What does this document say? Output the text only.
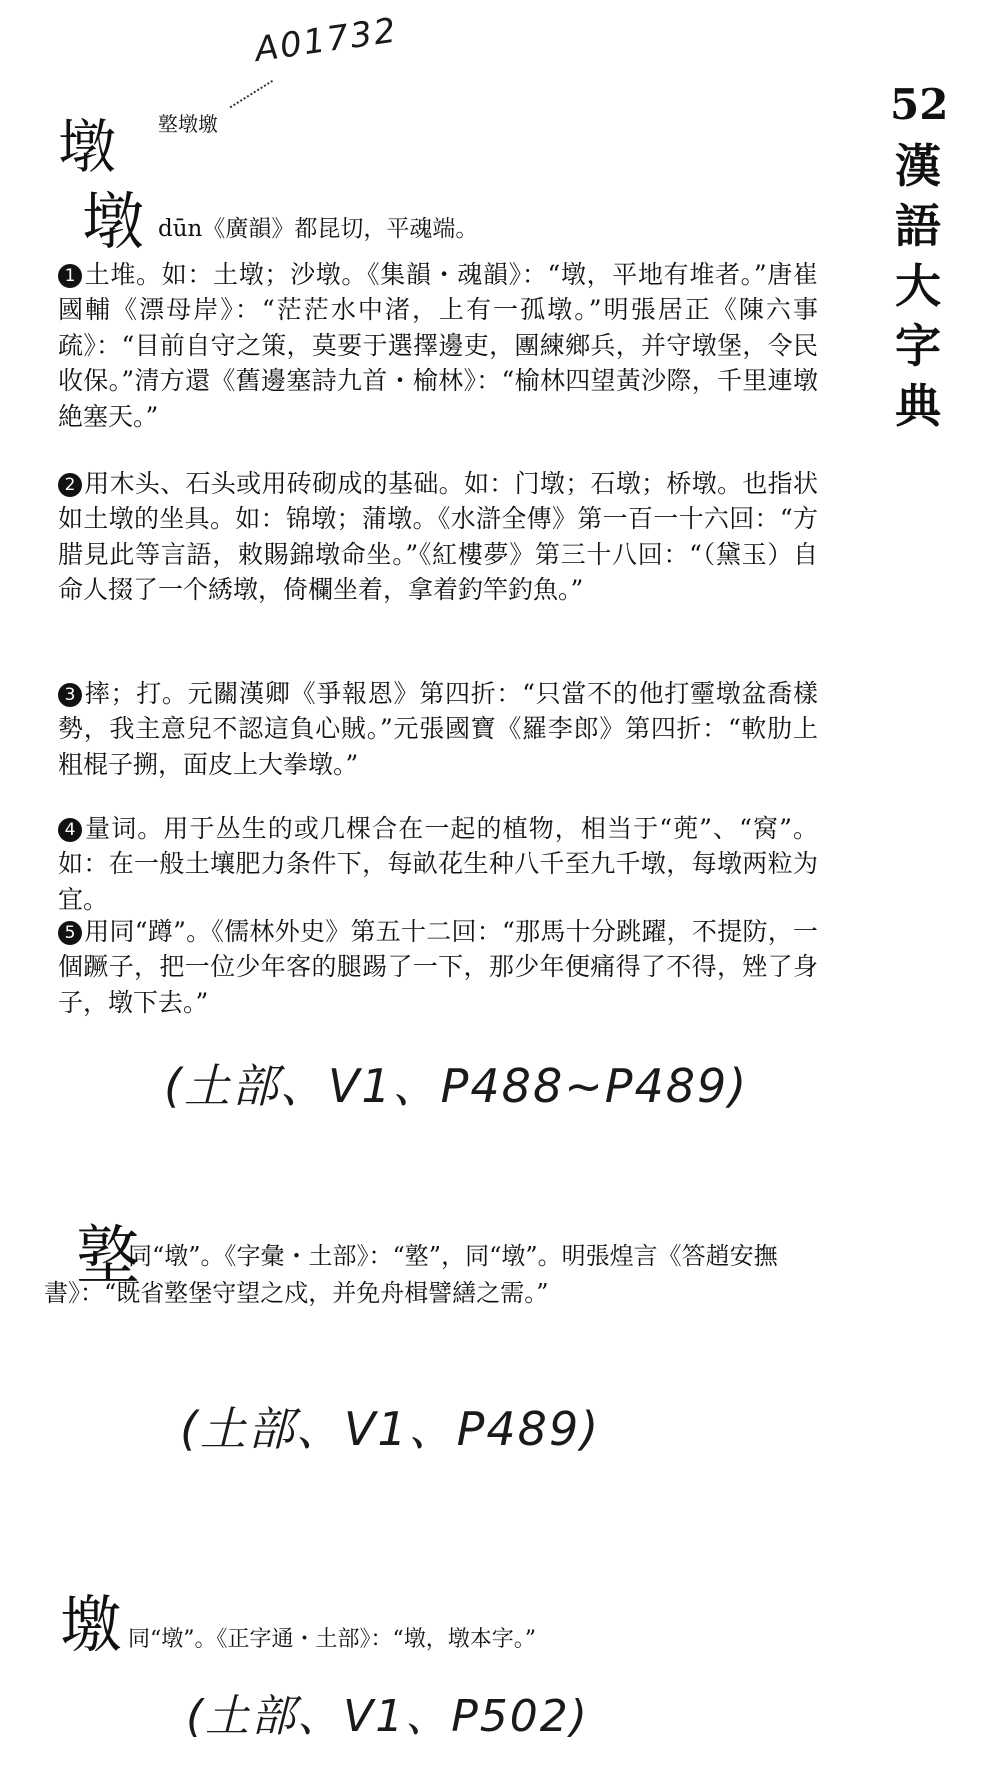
A01732
52
漢語大字典
墩 墪墩墽
墩 dūn《廣韻》都昆切，平魂端。
1 土堆。如：土墩；沙墩。《集韻・魂韻》：“墩，平地有堆者。”唐崔國輔《漂母岸》：“茫茫水中渚，上有一孤墩。”明張居正《陳六事疏》：“目前自守之策，莫要于選擇邊吏，團練鄉兵，并守墩堡，令民收保。”清方還《舊邊塞詩九首・榆林》：“榆林四望黃沙際，千里連墩絶塞天。”
2 用木头、石头或用砖砌成的基础。如：门墩；石墩；桥墩。也指状如土墩的坐具。如：锦墩；蒲墩。《水滸全傳》第一百一十六回：“方腊見此等言語，敕賜錦墩命坐。”《紅樓夢》第三十八回：“（黛玉）自命人掇了一个綉墩，倚欄坐着，拿着釣竿釣魚。”
3 摔；打。元關漢卿《爭報恩》第四折：“只當不的他打𤫊墩盆喬樣勢，我主意兒不認這負心賊。”元張國寶《羅李郎》第四折：“軟肋上粗棍子搠，面皮上大拳墩。”
4 量词。用于丛生的或几棵合在一起的植物，相当于“蔸”、“窝”。如：在一般土壤肥力条件下，每畝花生种八千至九千墩，每墩两粒为宜。
5 用同“蹲”。《儒林外史》第五十二回：“那馬十分跳躍，不提防，一個蹶子，把一位少年客的腿踢了一下，那少年便痛得了不得，矬了身子，墩下去。”
(土部、V1、P488~P489)
墪
同“墩”。《字彙・土部》：“墪”，同“墩”。明張煌言《答趙安撫書》：“既省墪堡守望之戍，并免舟楫譬繕之需。”
(土部、V1、P489)
墽 同“墩”。《正字通・土部》：“墩，墩本字。”
(土部、V1、P502)
